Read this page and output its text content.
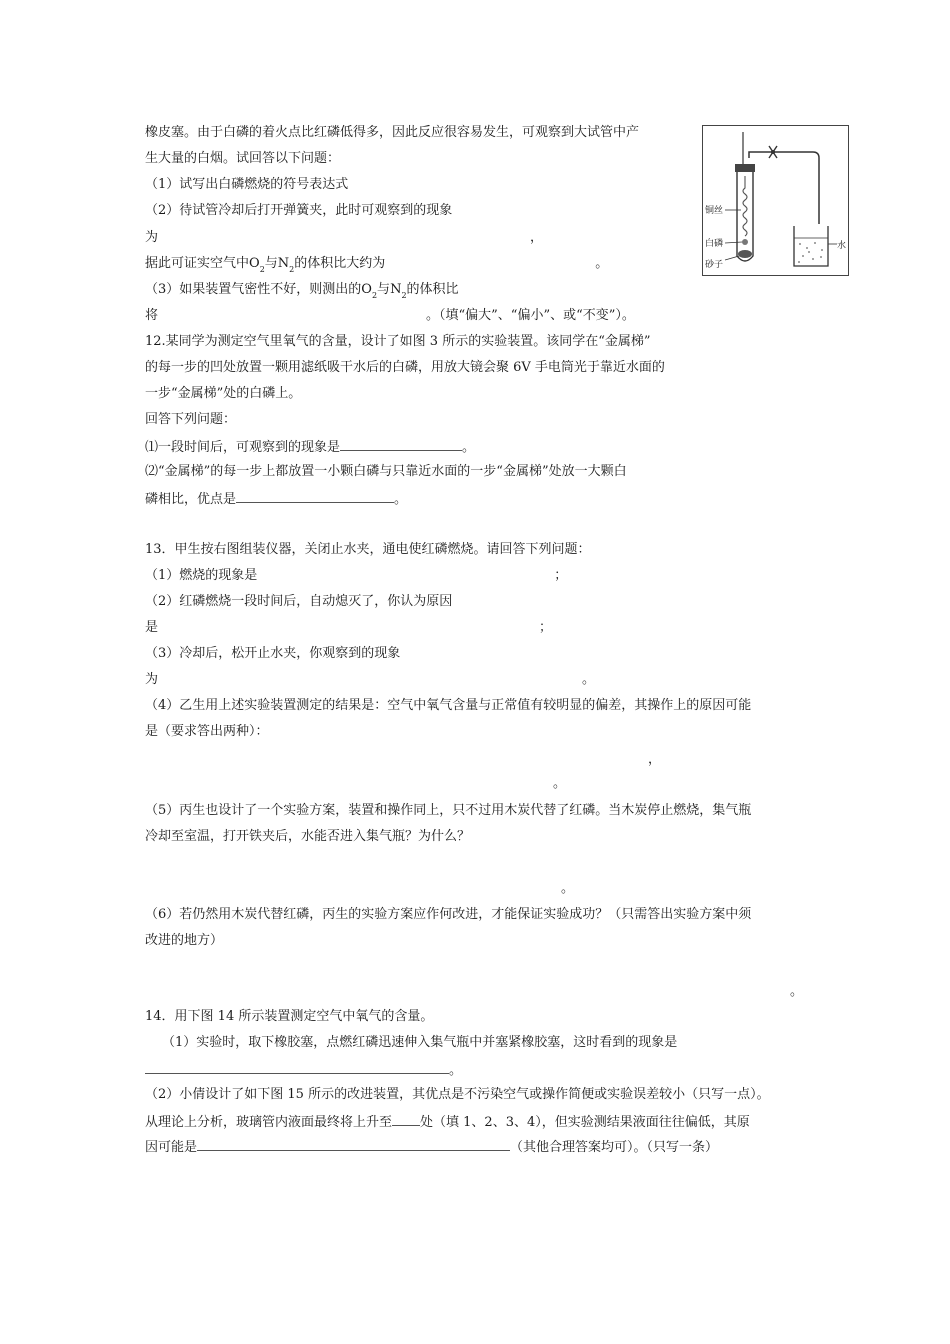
橡皮塞。由于白磷的着火点比红磷低得多，因此反应很容易发生，可观察到大试管中产
生大量的白烟。试回答以下问题：
（1）试写出白磷燃烧的符号表达式
（2）待试管冷却后打开弹簧夹，此时可观察到的现象
为	，
据此可证实空气中$O_2$与$N_2$的体积比大约为	。
（3）如果装置气密性不好，则测出的$O_2$与$N_2$的体积比
将	。（填“偏大”、“偏小”、或“不变”）。
铜丝
白磷
砂子
水
12.某同学为测定空气里氧气的含量，设计了如图 3 所示的实验装置。该同学在“金属梯”
的每一步的凹处放置一颗用滤纸吸干水后的白磷，用放大镜会聚 6V 手电筒光于靠近水面的
一步“金属梯”处的白磷上。
回答下列问题：
⑴一段时间后，可观察到的现象是	。
⑵“金属梯”的每一步上都放置一小颗白磷与只靠近水面的一步“金属梯”处放一大颗白
磷相比，优点是	。
13．甲生按右图组装仪器，关闭止水夹，通电使红磷燃烧。请回答下列问题：
（1）燃烧的现象是	；
（2）红磷燃烧一段时间后，自动熄灭了，你认为原因
是	；
（3）冷却后，松开止水夹，你观察到的现象
为	。
（4）乙生用上述实验装置测定的结果是：空气中氧气含量与正常值有较明显的偏差，其操作上的原因可能
是（要求答出两种）：
，
。
（5）丙生也设计了一个实验方案，装置和操作同上，只不过用木炭代替了红磷。当木炭停止燃烧，集气瓶
冷却至室温，打开铁夹后，水能否进入集气瓶？为什么？
。
（6）若仍然用木炭代替红磷，丙生的实验方案应作何改进，才能保证实验成功？（只需答出实验方案中须
改进的地方）
。
14．用下图 14 所示装置测定空气中氧气的含量。
（1）实验时，取下橡胶塞，点燃红磷迅速伸入集气瓶中并塞紧橡胶塞，这时看到的现象是
。
（2）小倩设计了如下图 15 所示的改进装置，其优点是不污染空气或操作简便或实验误差较小（只写一点）。
从理论上分析，玻璃管内液面最终将上升至 处（填 1、2、3、4），但实验测结果液面往往偏低，其原
因可能是	（其他合理答案均可）。（只写一条）
